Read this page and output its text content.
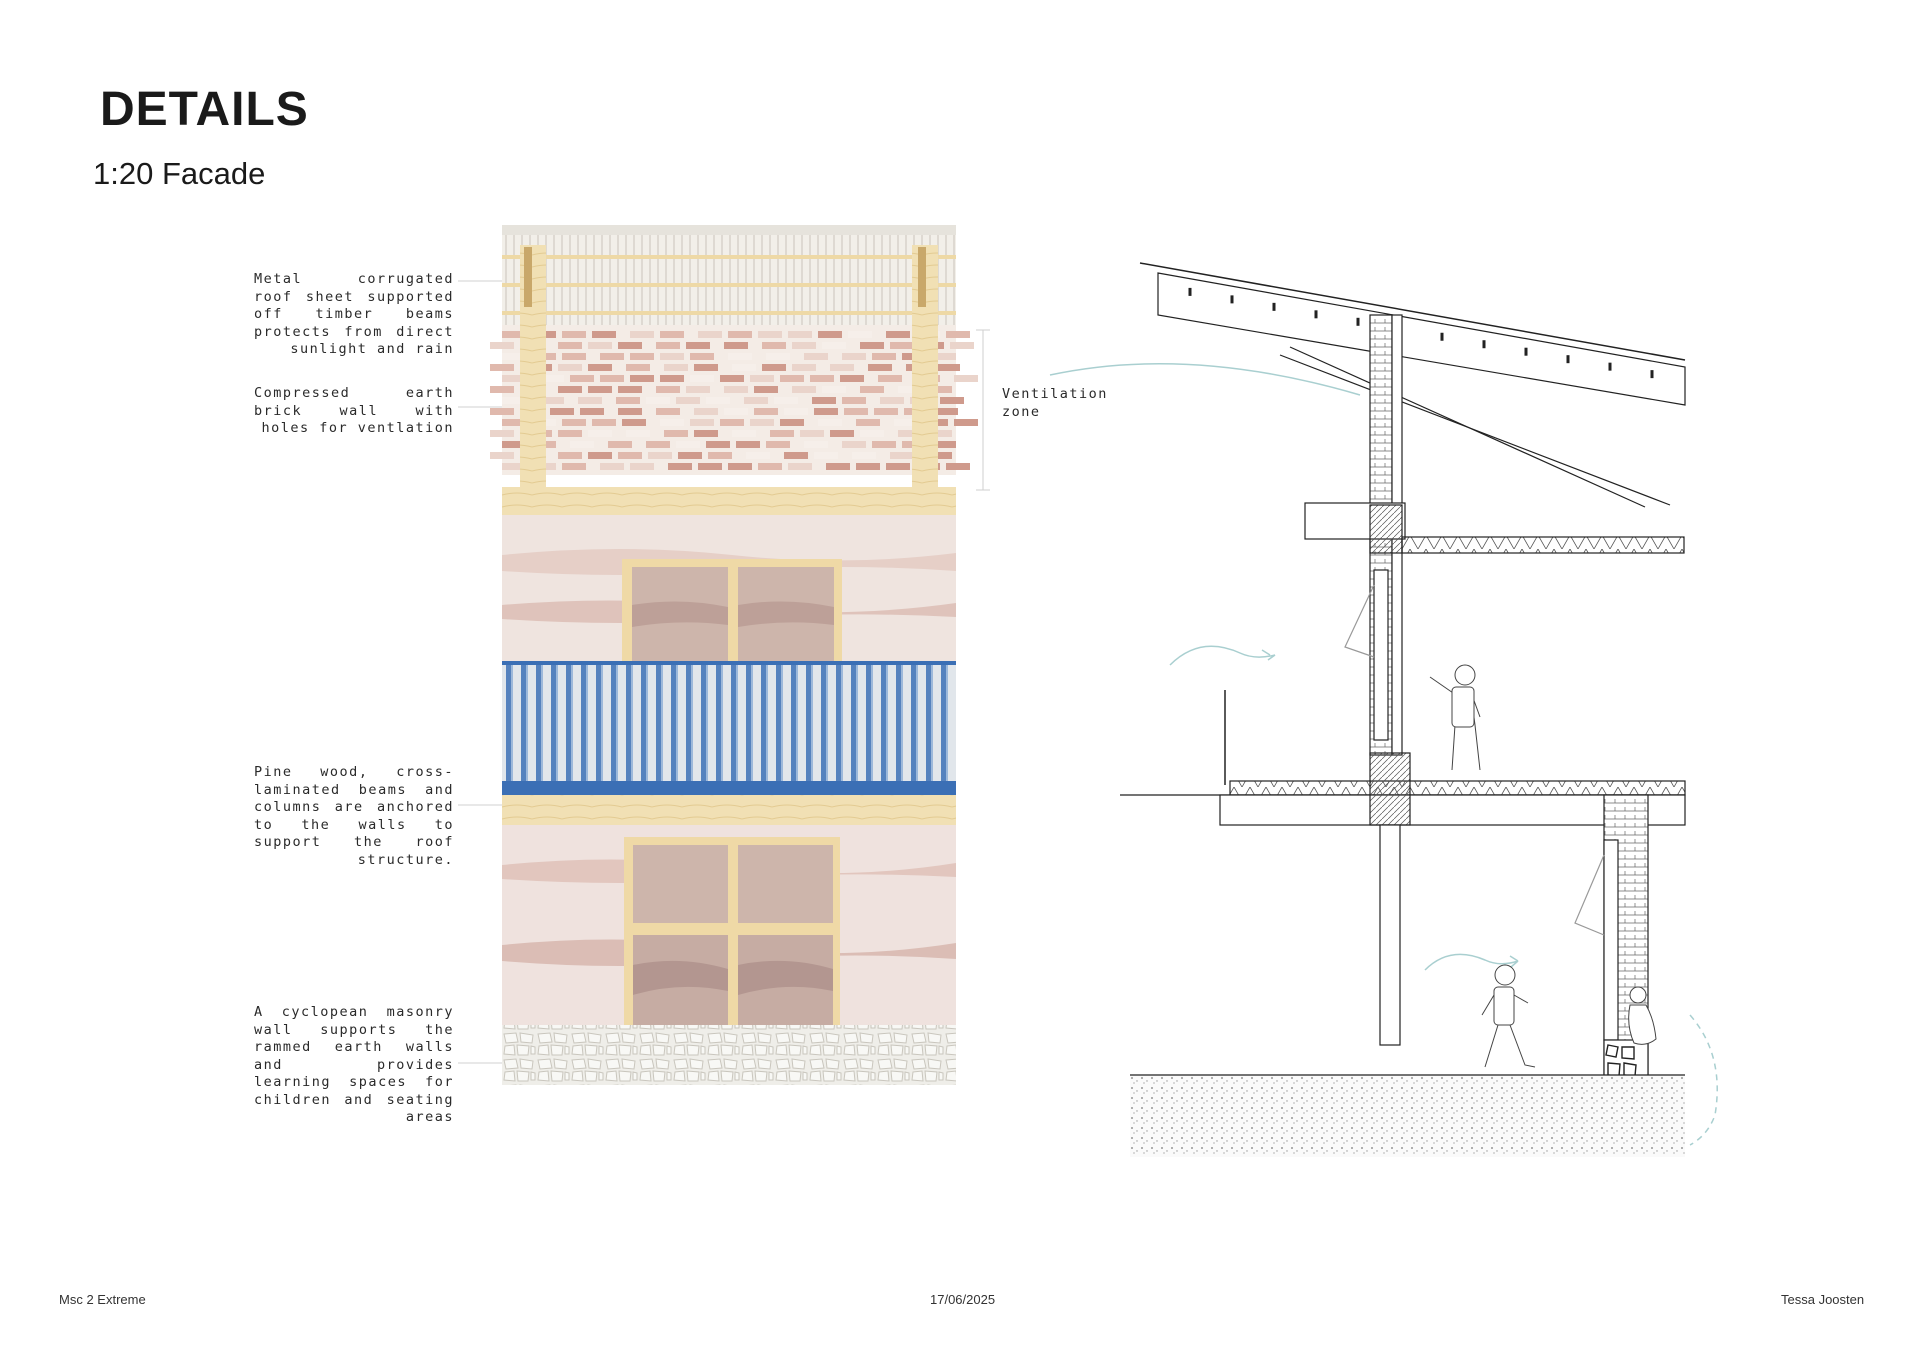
DETAILS
1:20 Facade
Metal corrugated roof sheet supported off timber beams protects from direct sunlight and rain
Compressed earth brick wall with holes for ventlation
Pine wood, cross-laminated beams and columns are anchored to the walls to support the roof structure.
A cyclopean masonry wall supports the rammed earth walls and provides learning spaces for children and seating areas
Ventilation zone
Msc 2 Extreme	17/06/2025	Tessa Joosten
